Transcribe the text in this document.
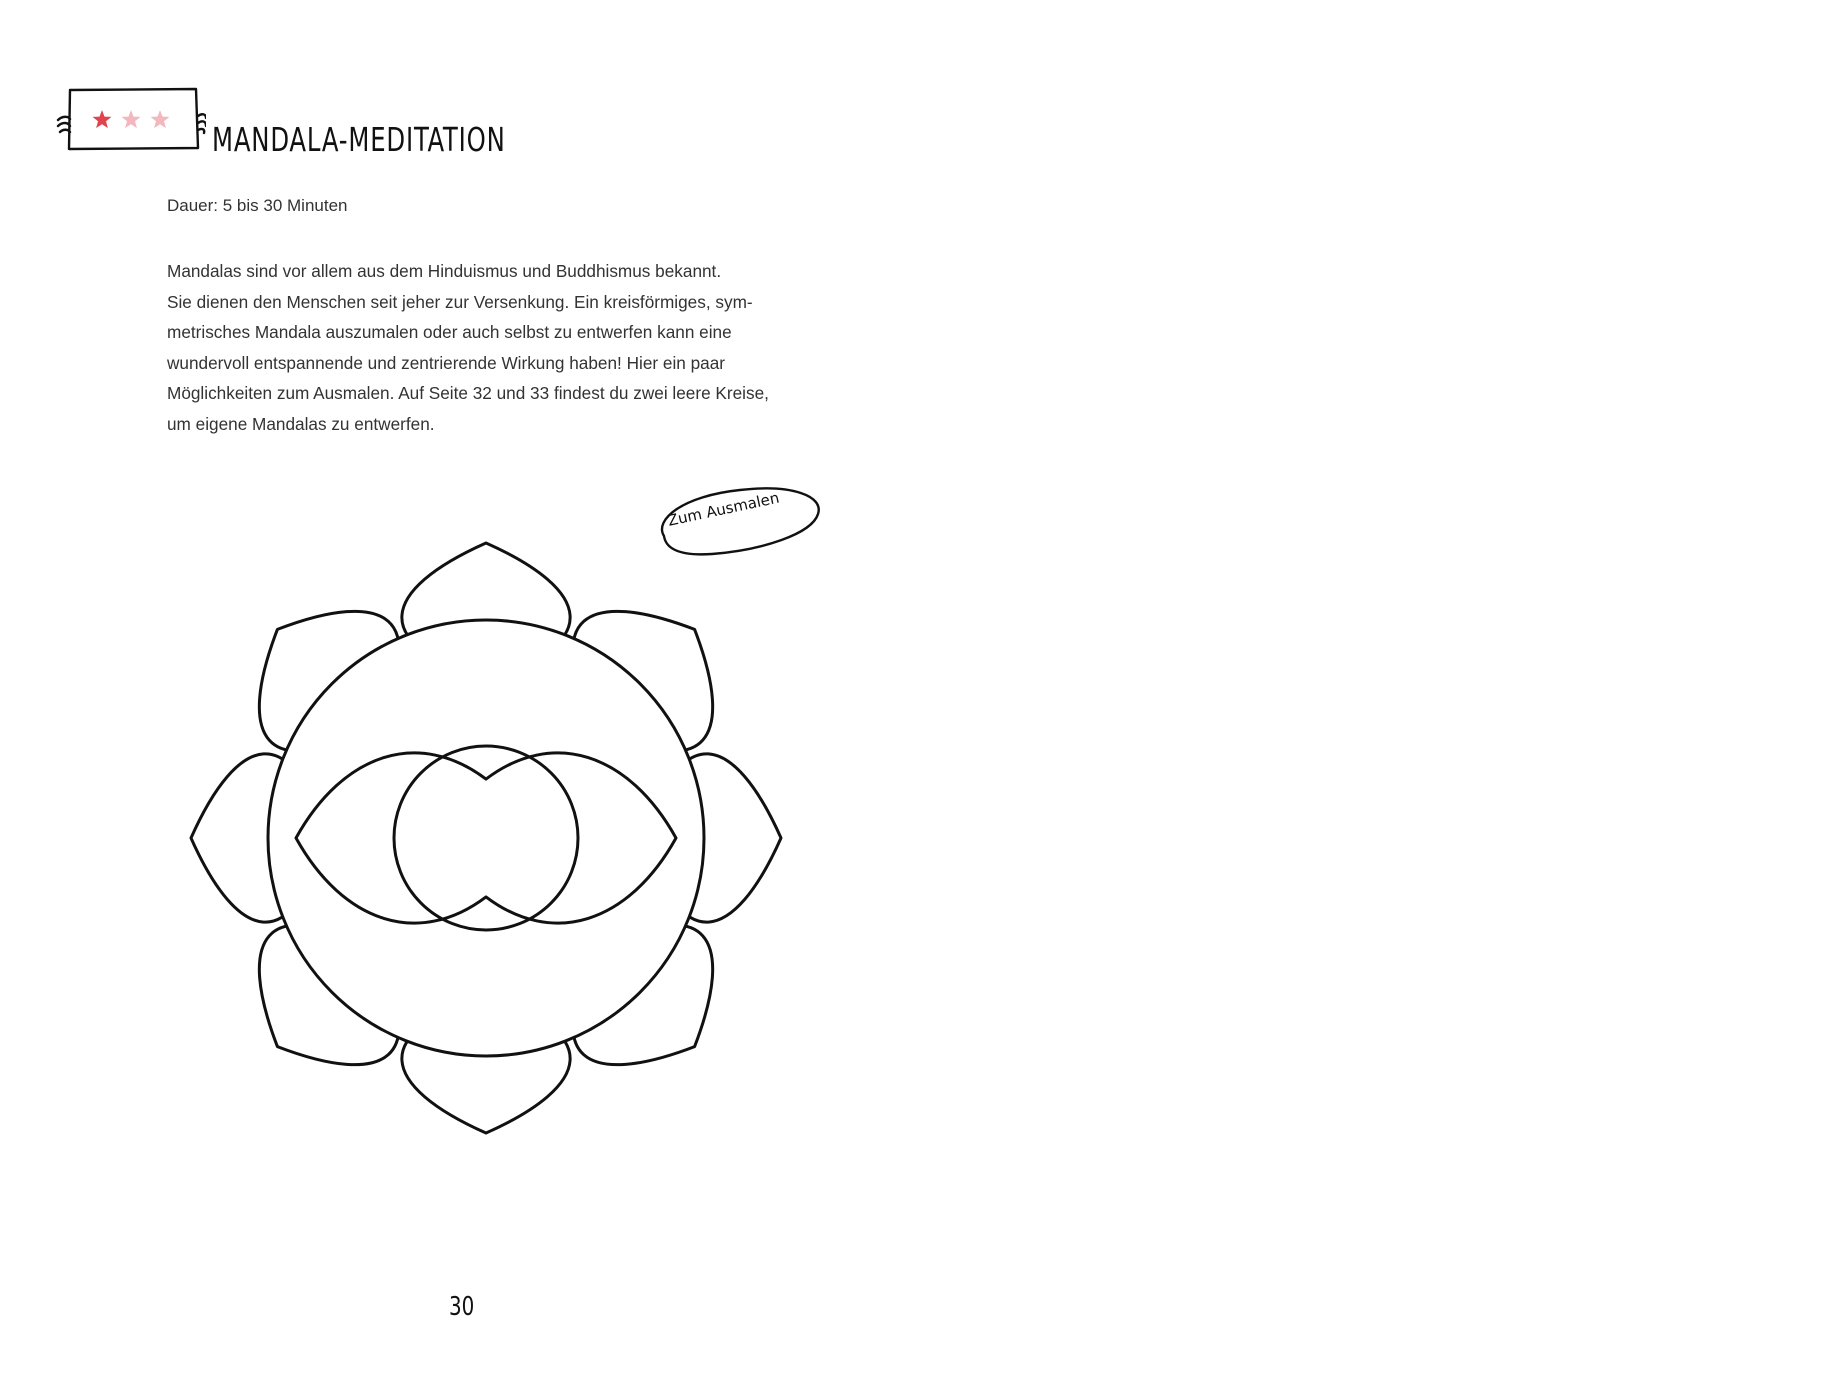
MANDALA-MEDITATION
Dauer: 5 bis 30 Minuten
Mandalas sind vor allem aus dem Hinduismus und Buddhismus bekannt.
Sie dienen den Menschen seit jeher zur Versenkung. Ein kreisförmiges, sym-
metrisches Mandala auszumalen oder auch selbst zu entwerfen kann eine
wundervoll entspannende und zentrierende Wirkung haben! Hier ein paar
Möglichkeiten zum Ausmalen. Auf Seite 32 und 33 findest du zwei leere Kreise,
um eigene Mandalas zu entwerfen.
Zum Ausmalen
30
